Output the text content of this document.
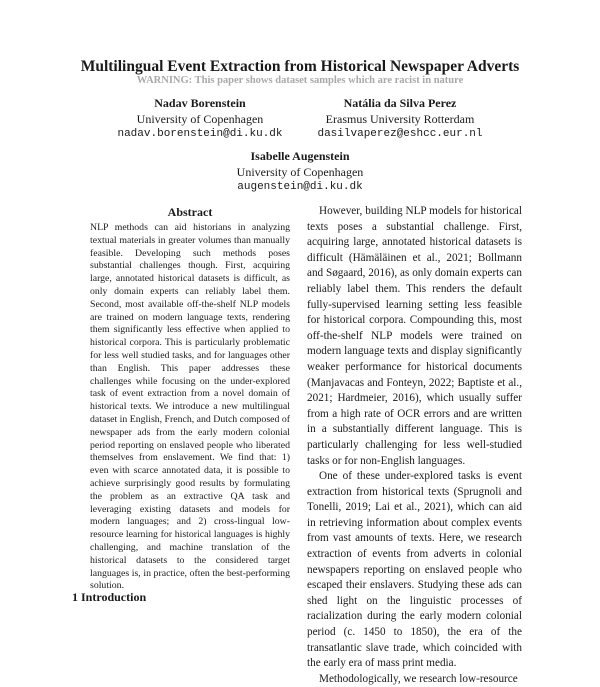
Multilingual Event Extraction from Historical Newspaper Adverts
WARNING: This paper shows dataset samples which are racist in nature
Nadav Borenstein
University of Copenhagen
nadav.borenstein@di.ku.dk
Natália da Silva Perez
Erasmus University Rotterdam
dasilvaperez@eshcc.eur.nl
Isabelle Augenstein
University of Copenhagen
augenstein@di.ku.dk
Abstract
NLP methods can aid historians in analyzing textual materials in greater volumes than manually feasible. Developing such methods poses substantial challenges though. First, acquiring large, annotated historical datasets is difficult, as only domain experts can reliably label them. Second, most available off-the-shelf NLP models are trained on modern language texts, rendering them significantly less effective when applied to historical corpora. This is particularly problematic for less well studied tasks, and for languages other than English. This paper addresses these challenges while focusing on the under-explored task of event extraction from a novel domain of historical texts. We introduce a new multilingual dataset in English, French, and Dutch composed of newspaper ads from the early modern colonial period reporting on enslaved people who liberated themselves from enslavement. We find that: 1) even with scarce annotated data, it is possible to achieve surprisingly good results by formulating the problem as an extractive QA task and leveraging existing datasets and models for modern languages; and 2) cross-lingual low-resource learning for historical languages is highly challenging, and machine translation of the historical datasets to the considered target languages is, in practice, often the best-performing solution.

However, building NLP models for historical texts poses a substantial challenge. First, acquiring large, annotated historical datasets is difficult (Hämäläinen et al., 2021; Bollmann and Søgaard, 2016), as only domain experts can reliably label them. This renders the default fully-supervised learning setting less feasible for historical corpora. Compounding this, most off-the-shelf NLP models were trained on modern language texts and display significantly weaker performance for historical documents (Manjavacas and Fonteyn, 2022; Baptiste et al., 2021; Hardmeier, 2016), which usually suffer from a high rate of OCR errors and are written in a substantially different language. This is particularly challenging for less well-studied tasks or for non-English languages.

One of these under-explored tasks is event extraction from historical texts (Sprugnoli and Tonelli, 2019; Lai et al., 2021), which can aid in retrieving information about complex events from vast amounts of texts. Here, we research extraction of events from adverts in colonial newspapers reporting on enslaved people who escaped their enslavers. Studying these ads can shed light on the linguistic processes of racialization during the early modern colonial period (c. 1450 to 1850), the era of the transatlantic slave trade, which coincided with the early era of mass print media.

Methodologically, we research low-resource

1 Introduction
